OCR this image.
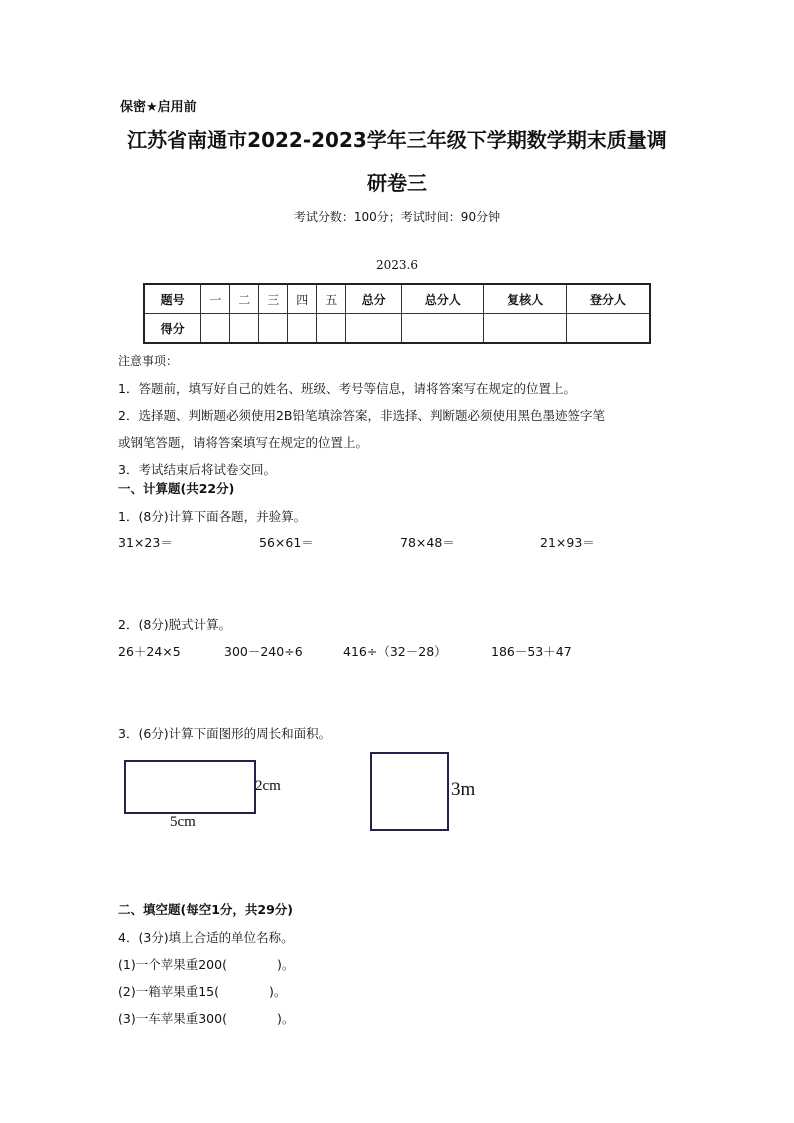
保密★启用前
江苏省南通市2022-2023学年三年级下学期数学期末质量调
研卷三
考试分数：100分；考试时间：90分钟
2023.6
题号	一	二	三	四	五	总分	总分人	复核人	登分人
得分									
注意事项：
1．答题前，填写好自己的姓名、班级、考号等信息，请将答案写在规定的位置上。
2．选择题、判断题必须使用2B铅笔填涂答案，非选择、判断题必须使用黑色墨迹签字笔
或钢笔答题，请将答案填写在规定的位置上。
3．考试结束后将试卷交回。
一、计算题(共22分)
1．(8分)计算下面各题，并验算。
31×23＝	56×61＝	78×48＝	21×93＝
2．(8分)脱式计算。
26＋24×5	300－240÷6	416÷（32－28）	186－53＋47
3．(6分)计算下面图形的周长和面积。
2cm
5cm
3m
二、填空题(每空1分，共29分)
4．(3分)填上合适的单位名称。
(1)一个苹果重200(　　　　)。
(2)一箱苹果重15(　　　　)。
(3)一车苹果重300(　　　　)。
